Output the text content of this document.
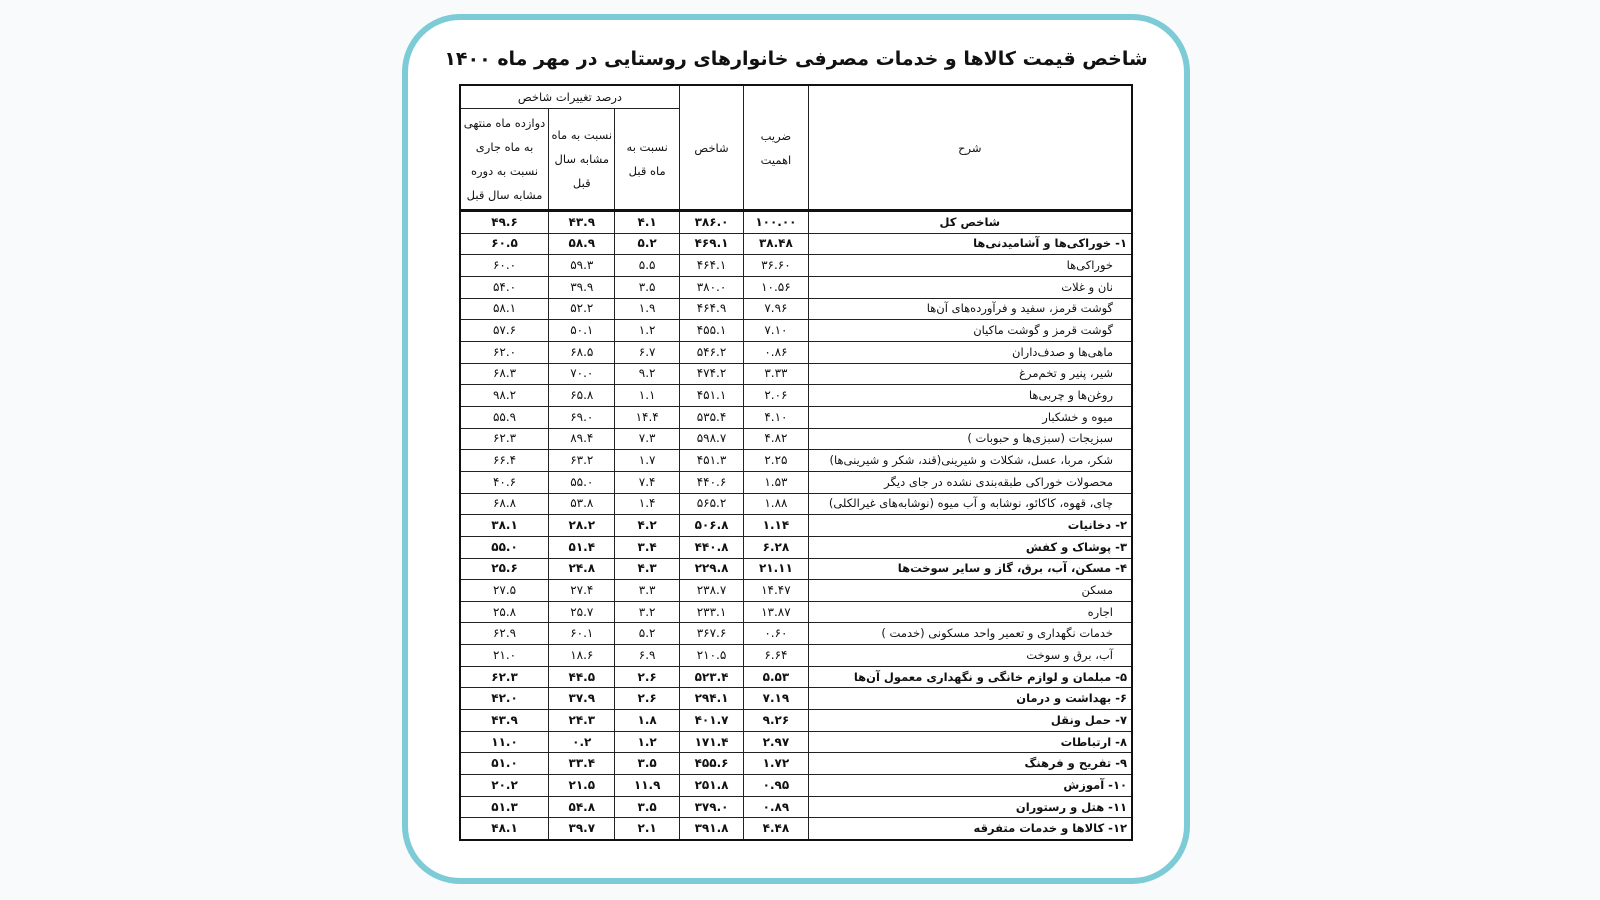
شاخص قیمت کالاها و خدمات مصرفی خانوارهای روستایی در مهر ماه ۱۴۰۰
شرح	ضریب اهمیت	شاخص	درصد تغییرات شاخص		
			نسبت به ماه قبل	نسبت به ماه مشابه سال قبل	دوازده ماه منتهی به ماه جاری نسبت به دوره مشابه سال قبل
شاخص کل	۱۰۰.۰۰	۳۸۶.۰	۴.۱	۴۳.۹	۴۹.۶
۱- خوراکی‌ها و آشامیدنی‌ها	۳۸.۴۸	۴۶۹.۱	۵.۲	۵۸.۹	۶۰.۵
خوراکی‌ها	۳۶.۶۰	۴۶۴.۱	۵.۵	۵۹.۳	۶۰.۰
نان و غلات	۱۰.۵۶	۳۸۰.۰	۳.۵	۳۹.۹	۵۴.۰
گوشت قرمز، سفید و فرآورده‌های آن‌ها	۷.۹۶	۴۶۴.۹	۱.۹	۵۲.۲	۵۸.۱
گوشت قرمز و گوشت ماکیان	۷.۱۰	۴۵۵.۱	۱.۲	۵۰.۱	۵۷.۶
ماهی‌ها و صدف‌داران	۰.۸۶	۵۴۶.۲	۶.۷	۶۸.۵	۶۲.۰
شیر، پنیر و تخم‌مرغ	۳.۳۳	۴۷۴.۲	۹.۲	۷۰.۰	۶۸.۳
روغن‌ها و چربی‌ها	۲.۰۶	۴۵۱.۱	۱.۱	۶۵.۸	۹۸.۲
میوه و خشکبار	۴.۱۰	۵۳۵.۴	۱۴.۴	۶۹.۰	۵۵.۹
سبزیجات (سبزی‌ها و حبوبات )	۴.۸۲	۵۹۸.۷	۷.۳	۸۹.۴	۶۲.۳
شکر، مربا، عسل، شکلات و شیرینی(قند، شکر و شیرینی‌ها)	۲.۲۵	۴۵۱.۳	۱.۷	۶۳.۲	۶۶.۴
محصولات خوراکی طبقه‌بندی نشده در جای دیگر	۱.۵۳	۴۴۰.۶	۷.۴	۵۵.۰	۴۰.۶
چای، قهوه، کاکائو، نوشابه و آب میوه (نوشابه‌های غیرالکلی)	۱.۸۸	۵۶۵.۲	۱.۴	۵۳.۸	۶۸.۸
۲- دخانیات	۱.۱۴	۵۰۶.۸	۴.۲	۲۸.۲	۳۸.۱
۳- پوشاک و کفش	۶.۲۸	۴۴۰.۸	۳.۴	۵۱.۴	۵۵.۰
۴- مسکن، آب، برق، گاز و سایر سوخت‌ها	۲۱.۱۱	۲۲۹.۸	۴.۳	۲۴.۸	۲۵.۶
مسکن	۱۴.۴۷	۲۳۸.۷	۳.۳	۲۷.۴	۲۷.۵
اجاره	۱۳.۸۷	۲۳۳.۱	۳.۲	۲۵.۷	۲۵.۸
خدمات نگهداری و تعمیر واحد مسکونی (خدمت )	۰.۶۰	۳۶۷.۶	۵.۲	۶۰.۱	۶۲.۹
آب، برق و سوخت	۶.۶۴	۲۱۰.۵	۶.۹	۱۸.۶	۲۱.۰
۵- مبلمان و لوازم خانگی و نگهداری معمول آن‌ها	۵.۵۳	۵۲۳.۴	۲.۶	۴۴.۵	۶۲.۳
۶- بهداشت و درمان	۷.۱۹	۲۹۴.۱	۲.۶	۳۷.۹	۴۲.۰
۷- حمل ونقل	۹.۲۶	۴۰۱.۷	۱.۸	۲۴.۳	۴۳.۹
۸- ارتباطات	۲.۹۷	۱۷۱.۴	۱.۲	۰.۲	۱۱.۰
۹- تفریح و فرهنگ	۱.۷۲	۴۵۵.۶	۳.۵	۳۳.۴	۵۱.۰
۱۰- آموزش	۰.۹۵	۲۵۱.۸	۱۱.۹	۲۱.۵	۲۰.۲
۱۱- هتل و رستوران	۰.۸۹	۳۷۹.۰	۳.۵	۵۴.۸	۵۱.۳
۱۲- کالاها و خدمات متفرقه	۴.۴۸	۳۹۱.۸	۲.۱	۳۹.۷	۴۸.۱
